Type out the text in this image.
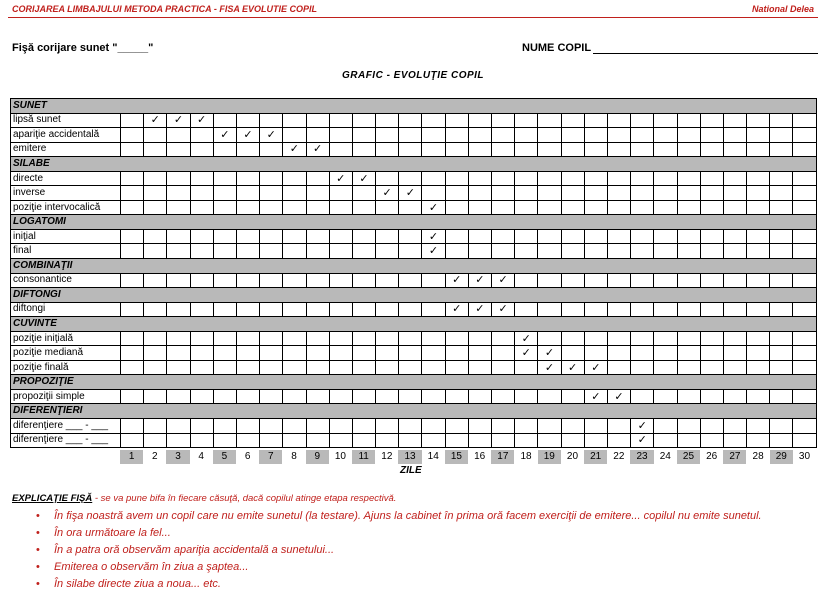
CORIJAREA LIMBAJULUI METODA PRACTICA - FISA EVOLUTIE COPIL	National Delea
Fişă corijare sunet "_____"	NUME COPIL
GRAFIC - EVOLUŢIE COPIL
SUNET																														
lipsă sunet		✓	✓	✓																										
apariţie accidentală					✓	✓	✓																							
emitere								✓	✓																					
SILABE																														
directe										✓	✓																			
inverse												✓	✓																	
poziţie intervocalică														✓																
LOGATOMI																														
iniţial														✓																
final														✓																
COMBINAŢII																														
consonantice															✓	✓	✓													
DIFTONGI																														
diftongi															✓	✓	✓													
CUVINTE																														
poziţie iniţială																		✓												
poziţie mediană																		✓	✓											
poziţie finală																			✓	✓	✓									
PROPOZIŢIE																														
propoziţii simple																					✓	✓								
DIFERENŢIERI																														
diferenţiere ___ - ___																							✓							
diferenţiere ___ - ___																							✓							
1	2	3	4	5	6	7	8	9	10	11	12	13	14	15	16	17	18	19	20	21	22	23	24	25	26	27	28	29	30
ZILE
EXPLICAŢIE FIŞĂ - se va pune bifa în fiecare căsuţă, dacă copilul atinge etapa respectivă.
• În fişa noastră avem un copil care nu emite sunetul (la testare). Ajuns la cabinet în prima oră facem exerciţii de emitere... copilul nu emite sunetul.
• În ora următoare la fel...
• În a patra oră observăm apariţia accidentală a sunetului...
• Emiterea o observăm în ziua a şaptea...
• În silabe directe ziua a noua... etc.
